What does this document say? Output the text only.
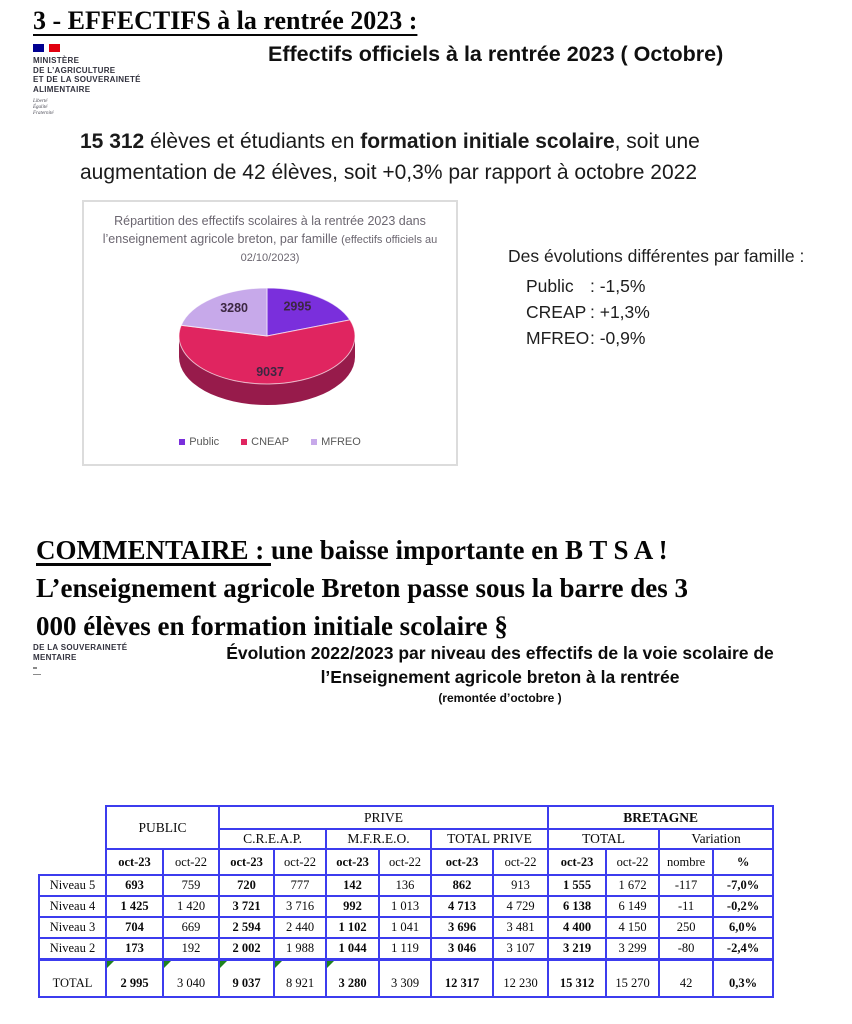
3 - EFFECTIFS à la rentrée 2023 :
MINISTÈRE
DE L’AGRICULTURE
ET DE LA SOUVERAINETÉ
ALIMENTAIRE
Liberté
Égalité
Fraternité
Effectifs officiels à la rentrée 2023 ( Octobre)
15 312 élèves et étudiants en formation initiale scolaire, soit une
augmentation de 42 élèves, soit +0,3% par rapport à octobre 2022
Répartition des effectifs scolaires à la rentrée 2023 dans l’enseignement agricole breton, par famille (effectifs officiels au 02/10/2023)
2995
9037
3280
Public	CNEAP	MFREO
Des évolutions différentes par famille :
Public : -1,5%
CREAP : +1,3%
MFREO: -0,9%
COMMENTAIRE : une baisse importante en B T S A !
L’enseignement agricole Breton passe sous la barre des 3
000 élèves en formation initiale scolaire §
DE LA SOUVERAINETÉ
MENTAIRE	Évolution 2022/2023 par niveau des effectifs de la voie scolaire de
l’Enseignement agricole breton à la rentrée
(remontée d’octobre )
	PUBLIC		PRIVE						BRETAGNE			
			C.R.E.A.P.		M.F.R.E.O.		TOTAL PRIVE		TOTAL		Variation	
	oct-23	oct-22	oct-23	oct-22	oct-23	oct-22	oct-23	oct-22	oct-23	oct-22	nombre	%
Niveau 5	693	759	720	777	142	136	862	913	1 555	1 672	-117	-7,0%
Niveau 4	1 425	1 420	3 721	3 716	992	1 013	4 713	4 729	6 138	6 149	-11	-0,2%
Niveau 3	704	669	2 594	2 440	1 102	1 041	3 696	3 481	4 400	4 150	250	6,0%
Niveau 2	173	192	2 002	1 988	1 044	1 119	3 046	3 107	3 219	3 299	-80	-2,4%
TOTAL	2 995	3 040	9 037	8 921	3 280	3 309	12 317	12 230	15 312	15 270	42	0,3%
